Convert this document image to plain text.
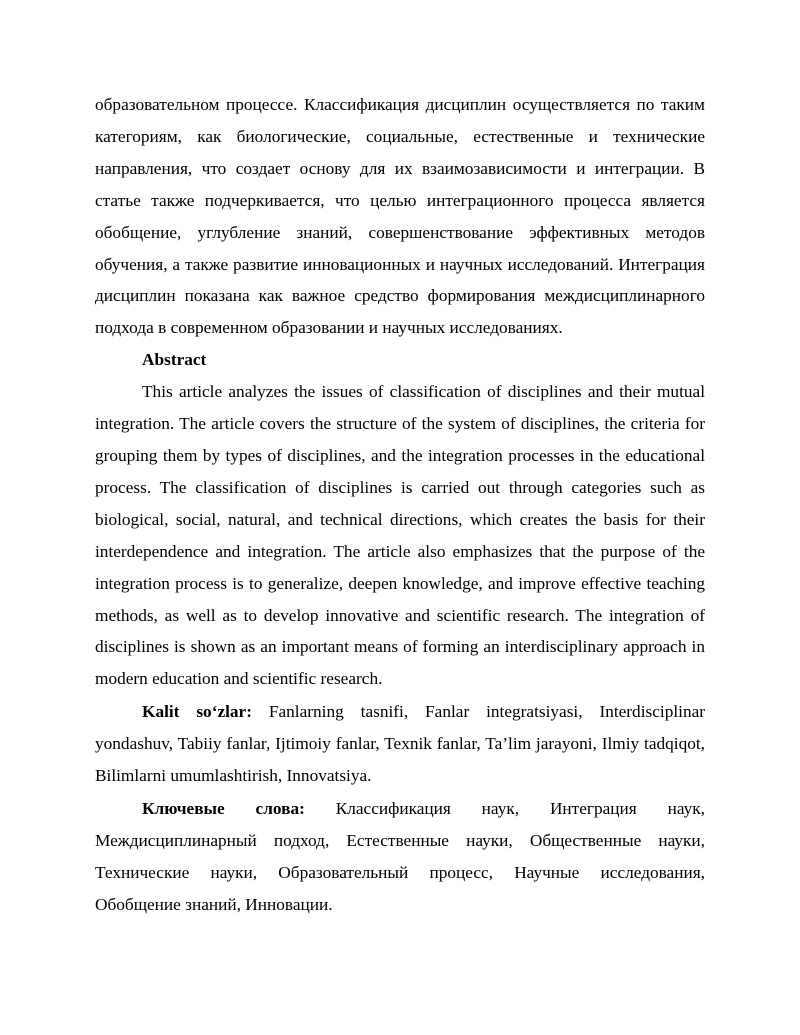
образовательном процессе. Классификация дисциплин осуществляется по таким категориям, как биологические, социальные, естественные и технические направления, что создает основу для их взаимозависимости и интеграции. В статье также подчеркивается, что целью интеграционного процесса является обобщение, углубление знаний, совершенствование эффективных методов обучения, а также развитие инновационных и научных исследований. Интеграция дисциплин показана как важное средство формирования междисциплинарного подхода в современном образовании и научных исследованиях.

Abstract

This article analyzes the issues of classification of disciplines and their mutual integration. The article covers the structure of the system of disciplines, the criteria for grouping them by types of disciplines, and the integration processes in the educational process. The classification of disciplines is carried out through categories such as biological, social, natural, and technical directions, which creates the basis for their interdependence and integration. The article also emphasizes that the purpose of the integration process is to generalize, deepen knowledge, and improve effective teaching methods, as well as to develop innovative and scientific research. The integration of disciplines is shown as an important means of forming an interdisciplinary approach in modern education and scientific research.

Kalit so‘zlar: Fanlarning tasnifi, Fanlar integratsiyasi, Interdisciplinar yondashuv, Tabiiy fanlar, Ijtimoiy fanlar, Texnik fanlar, Ta’lim jarayoni, Ilmiy tadqiqot, Bilimlarni umumlashtirish, Innovatsiya.

Ключевые слова: Классификация наук, Интеграция наук, Междисциплинарный подход, Естественные науки, Общественные науки, Технические науки, Образовательный процесс, Научные исследования, Обобщение знаний, Инновации.
